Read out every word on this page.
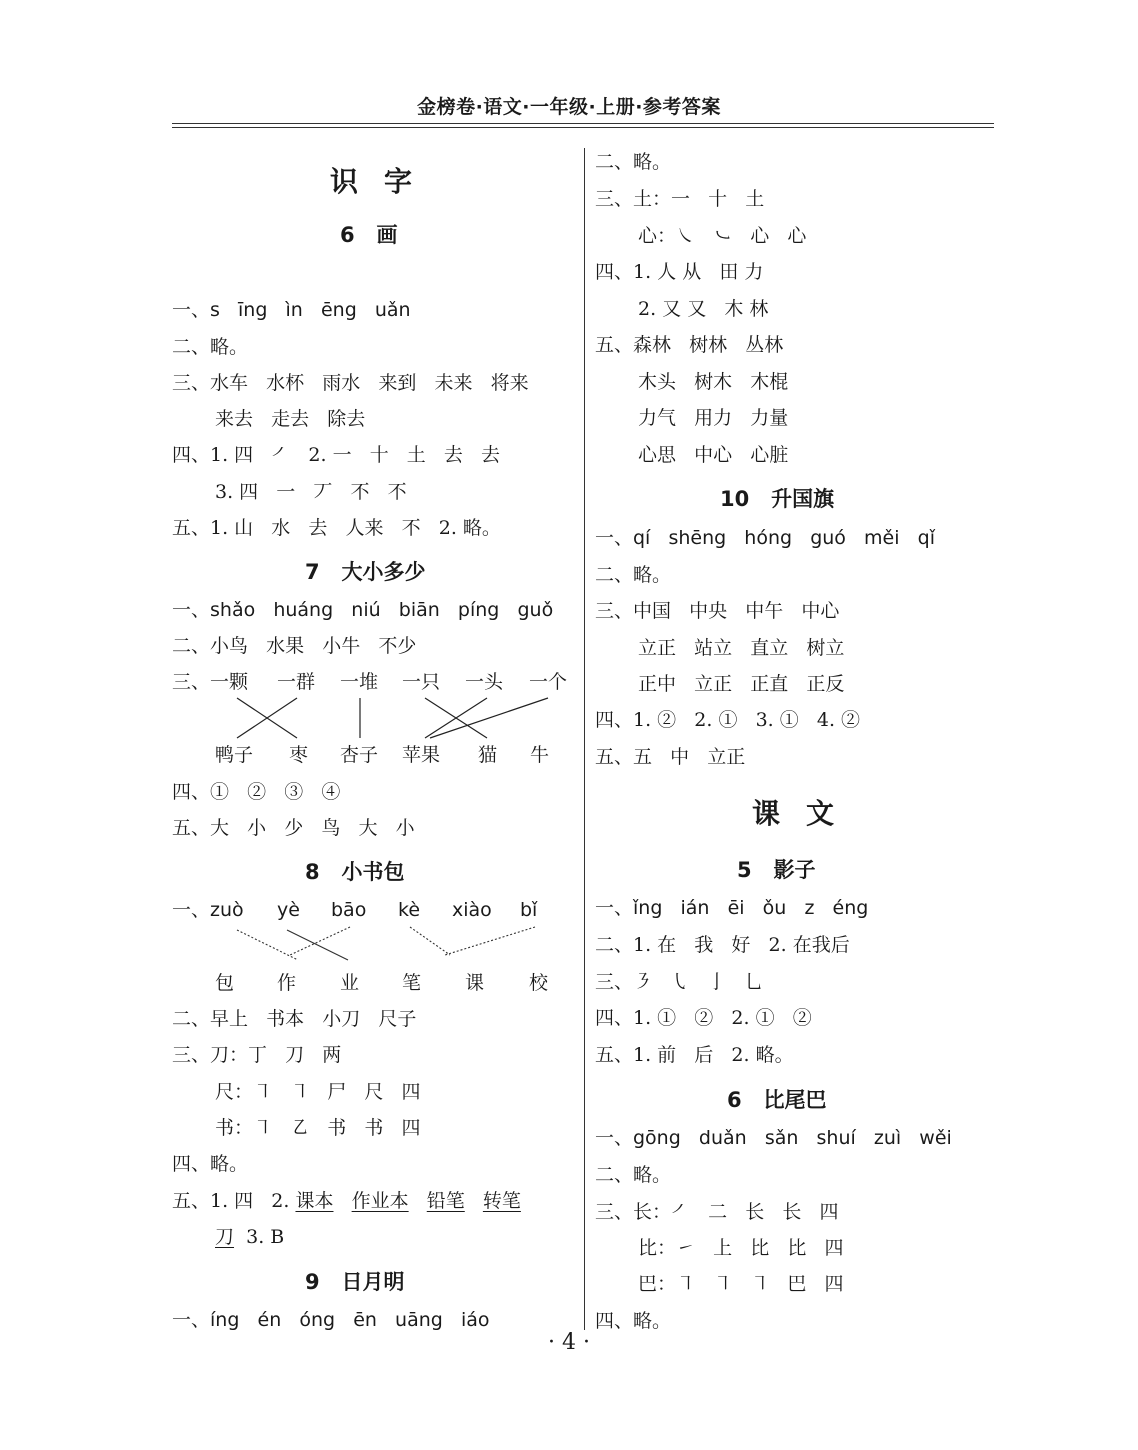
金榜卷·语文·一年级·上册·参考答案
识字
6   画
一、s   īng   ìn   ēng   uǎn
二、略。
三、水车   水杯   雨水   来到   未来   将来
来去   走去   除去
四、1. 四   ㇒   2. 一   十   土   去   去
3. 四   一   丆   不   不
五、1. 山   水   去   人来   不   2. 略。
7   大小多少
一、shǎo   huáng   niú   biān   píng   guǒ
二、小鸟   水果   小牛   不少
三、一颗 一群 一堆 一只 一头 一个
鸭子 枣 杏子 苹果 猫 牛
四、①   ②   ③   ④
五、大   小   少   鸟   大   小
8   小书包
一、zuò yè bāo kè xiào bǐ
包 作 业 笔 课 校
二、早上   书本   小刀   尺子
三、刀：丁   刀   两
尺：㇕   ㇕   尸   尺   四
书：㇕   ㇠   书   书   四
四、略。
五、1. 四   2. 课本 作业本 铅笔 转笔
刀 3. B
9   日月明
一、íng   én   óng   ēn   uāng   iáo
二、略。
三、土：一   十   土
心：㇏   ㇃   心   心
四、1. 人 从   田 力
2. 又 又   木 林
五、森林   树林   丛林
木头   树木   木棍
力气   用力   力量
心思   中心   心脏
10   升国旗
一、qí   shēng   hóng   guó   měi   qǐ
二、略。
三、中国   中央   中午   中心
立正   站立   直立   树立
正中   立正   正直   正反
四、1. ②   2. ①   3. ①   4. ②
五、五   中   立正
课文
5   影子
一、ǐng   ián   ēi   ǒu   z   éng
二、1. 在   我   好   2. 在我后
三、㇋   ㇂   亅   乚
四、1. ①   ②   2. ①   ②
五、1. 前   后   2. 略。
6   比尾巴
一、gōng   duǎn   sǎn   shuí   zuì   wěi
二、略。
三、长：㇒   二   长   长   四
比：㇀   上   比   比   四
巴：㇕   ㇕   ㇕   巴   四
四、略。
· 4 ·
